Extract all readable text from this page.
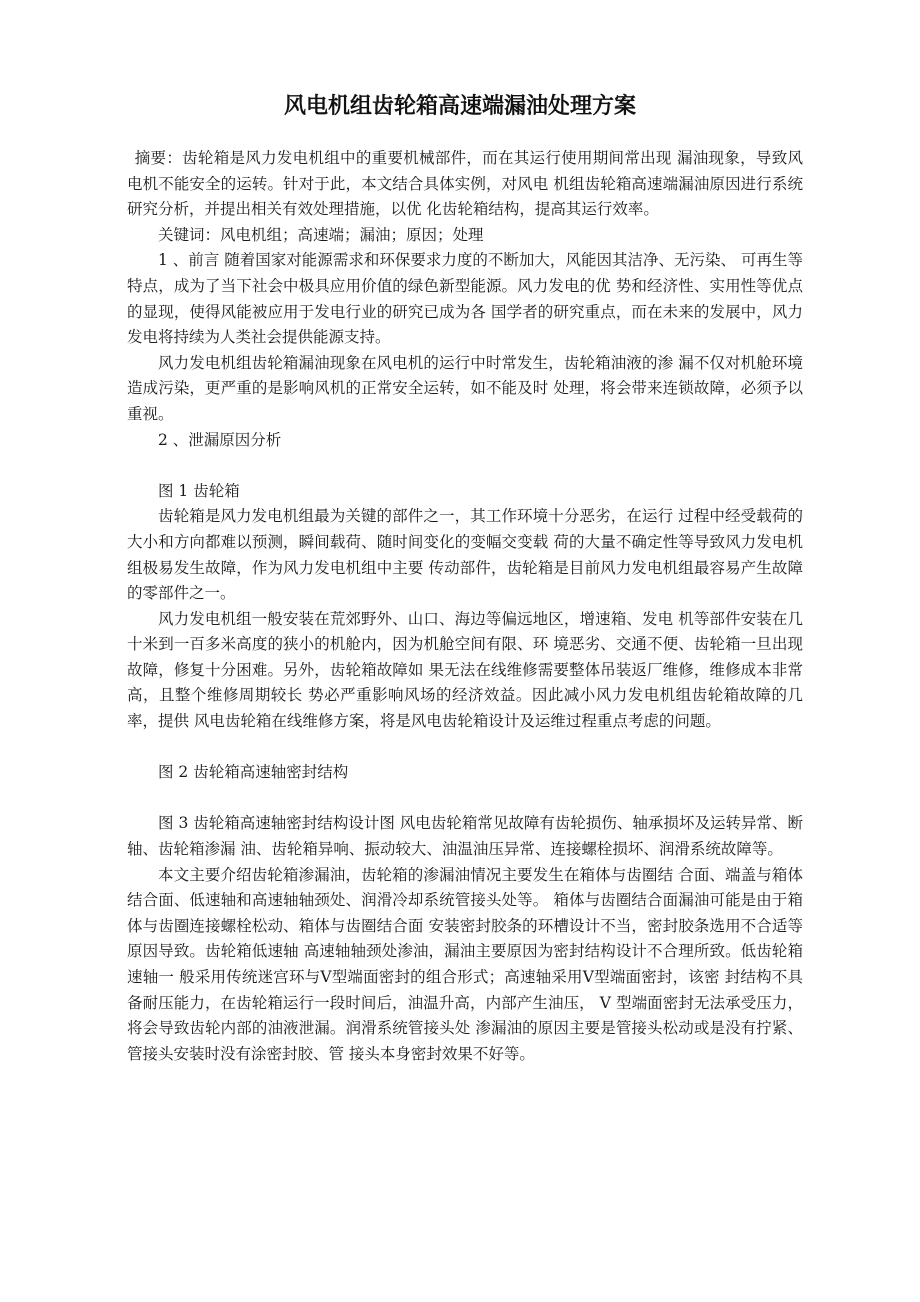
风电机组齿轮箱高速端漏油处理方案

摘要：齿轮箱是风力发电机组中的重要机械部件，而在其运行使用期间常出现 漏油现象，导致风电机不能安全的运转。针对于此，本文结合具体实例，对风电 机组齿轮箱高速端漏油原因进行系统研究分析，并提出相关有效处理措施，以优 化齿轮箱结构，提高其运行效率。

关键词：风电机组；高速端；漏油；原因；处理

1 、前言 随着国家对能源需求和环保要求力度的不断加大，风能因其洁净、无污染、 可再生等特点，成为了当下社会中极具应用价值的绿色新型能源。风力发电的优 势和经济性、实用性等优点的显现，使得风能被应用于发电行业的研究已成为各 国学者的研究重点，而在未来的发展中，风力发电将持续为人类社会提供能源支持。

风力发电机组齿轮箱漏油现象在风电机的运行中时常发生，齿轮箱油液的渗 漏不仅对机舱环境造成污染，更严重的是影响风机的正常安全运转，如不能及时 处理，将会带来连锁故障，必须予以重视。

2 、泄漏原因分析

图 1 齿轮箱

齿轮箱是风力发电机组最为关键的部件之一，其工作环境十分恶劣，在运行 过程中经受载荷的大小和方向都难以预测，瞬间载荷、随时间变化的变幅交变载 荷的大量不确定性等导致风力发电机组极易发生故障，作为风力发电机组中主要 传动部件，齿轮箱是目前风力发电机组最容易产生故障的零部件之一。

风力发电机组一般安装在荒郊野外、山口、海边等偏远地区，增速箱、发电 机等部件安装在几十米到一百多米高度的狭小的机舱内，因为机舱空间有限、环 境恶劣、交通不便、齿轮箱一旦出现故障，修复十分困难。另外，齿轮箱故障如 果无法在线维修需要整体吊装返厂维修，维修成本非常高，且整个维修周期较长 势必严重影响风场的经济效益。因此减小风力发电机组齿轮箱故障的几率，提供 风电齿轮箱在线维修方案，将是风电齿轮箱设计及运维过程重点考虑的问题。

图 2 齿轮箱高速轴密封结构

图 3 齿轮箱高速轴密封结构设计图 风电齿轮箱常见故障有齿轮损伤、轴承损坏及运转异常、断轴、齿轮箱渗漏 油、齿轮箱异响、振动较大、油温油压异常、连接螺栓损坏、润滑系统故障等。

本文主要介绍齿轮箱渗漏油，齿轮箱的渗漏油情况主要发生在箱体与齿圈结 合面、端盖与箱体结合面、低速轴和高速轴轴颈处、润滑冷却系统管接头处等。 箱体与齿圈结合面漏油可能是由于箱体与齿圈连接螺栓松动、箱体与齿圈结合面 安装密封胶条的环槽设计不当，密封胶条选用不合适等原因导致。齿轮箱低速轴 高速轴轴颈处渗油，漏油主要原因为密封结构设计不合理所致。低齿轮箱速轴一 般采用传统迷宫环与V型端面密封的组合形式；高速轴采用V型端面密封，该密 封结构不具备耐压能力，在齿轮箱运行一段时间后，油温升高，内部产生油压， V 型端面密封无法承受压力，将会导致齿轮内部的油液泄漏。润滑系统管接头处 渗漏油的原因主要是管接头松动或是没有拧紧、管接头安装时没有涂密封胶、管 接头本身密封效果不好等。
